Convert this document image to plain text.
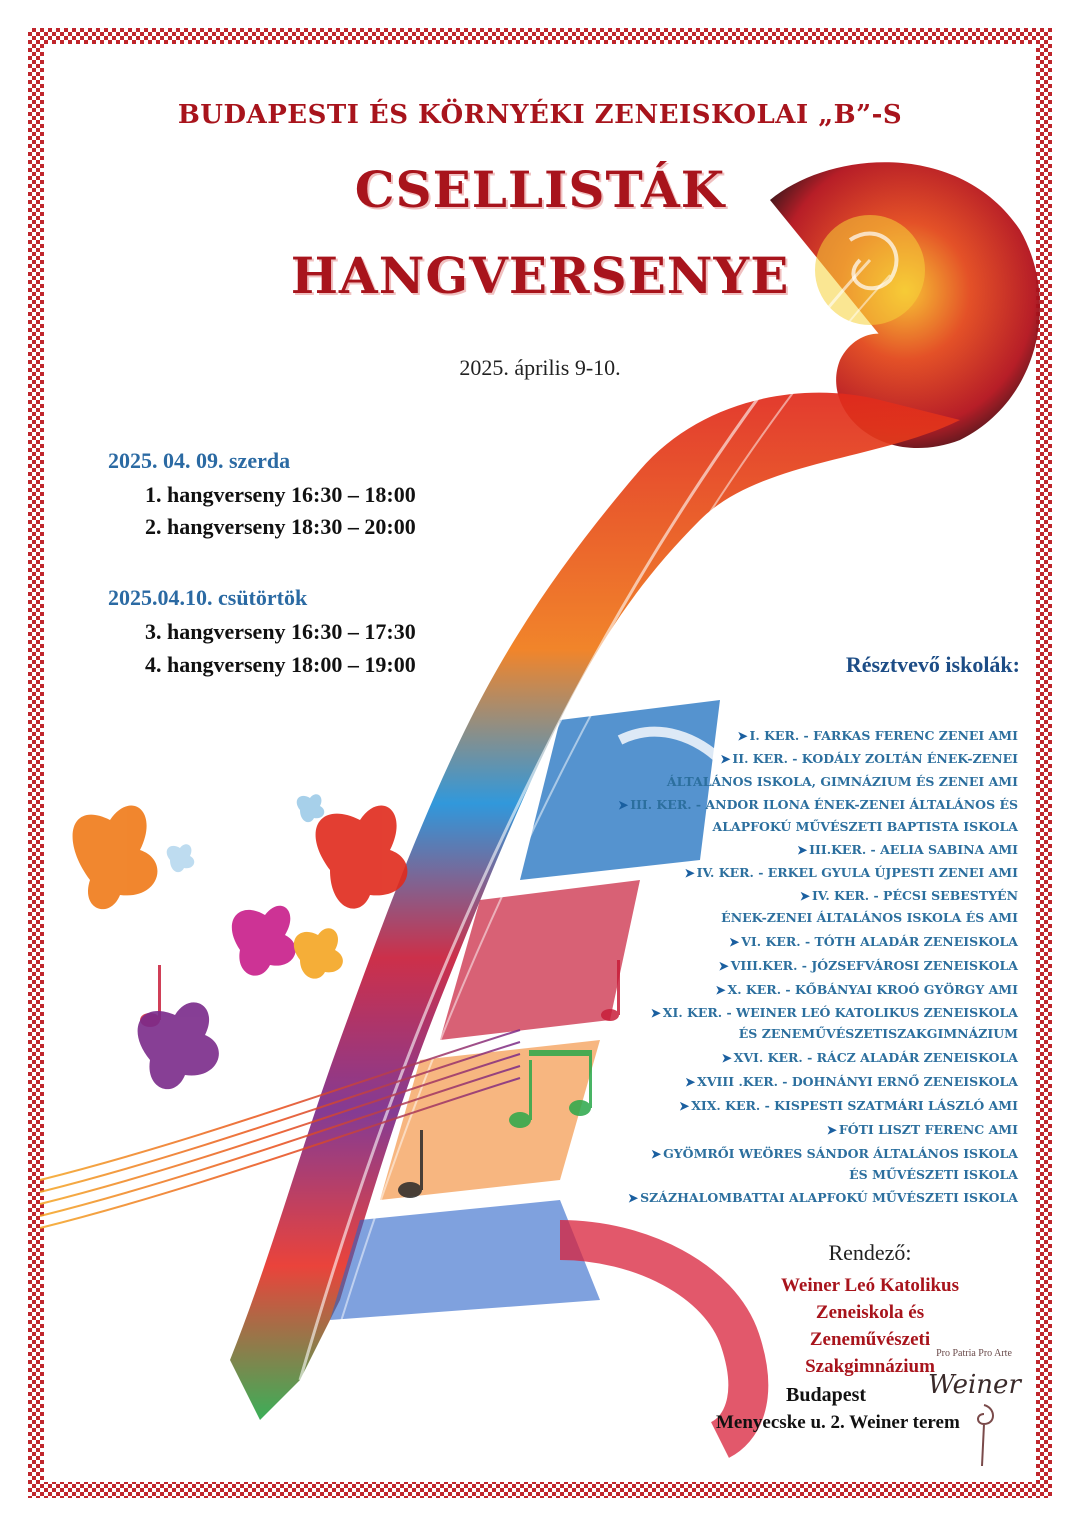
BUDAPESTI ÉS KÖRNYÉKI ZENEISKOLAI „B”-S
CSELLISTÁK
HANGVERSENYE
2025. április 9-10.
2025. 04. 09. szerda
1. hangverseny 16:30 – 18:00
2. hangverseny 18:30 – 20:00
2025.04.10. csütörtök
3. hangverseny 16:30 – 17:30
4. hangverseny 18:00 – 19:00	Résztvevő iskolák:
➤ I. KER. - FARKAS FERENC ZENEI AMI
➤ II. KER. - KODÁLY ZOLTÁN ÉNEK-ZENEI
ÁLTALÁNOS ISKOLA, GIMNÁZIUM ÉS ZENEI AMI
➤ III. KER. - ANDOR ILONA ÉNEK-ZENEI ÁLTALÁNOS ÉS
ALAPFOKÚ MŰVÉSZETI BAPTISTA ISKOLA
➤ III.KER. - AELIA SABINA AMI
➤ IV. KER. - ERKEL GYULA ÚJPESTI ZENEI AMI
➤ IV. KER. - PÉCSI SEBESTYÉN
ÉNEK-ZENEI ÁLTALÁNOS ISKOLA ÉS AMI
➤ VI. KER. - TÓTH ALADÁR ZENEISKOLA
➤ VIII.KER. - JÓZSEFVÁROSI ZENEISKOLA
➤ X. KER. - KŐBÁNYAI KROÓ GYÖRGY AMI
➤ XI. KER. - WEINER LEÓ KATOLIKUS ZENEISKOLA
ÉS ZENEMŰVÉSZETISZAKGIMNÁZIUM
➤ XVI. KER. - RÁCZ ALADÁR ZENEISKOLA
➤ XVIII .KER. - DOHNÁNYI ERNŐ ZENEISKOLA
➤ XIX. KER. - KISPESTI SZATMÁRI LÁSZLÓ AMI
➤ FÓTI LISZT FERENC AMI
➤ GYÖMRŐI WEÖRES SÁNDOR ÁLTALÁNOS ISKOLA
ÉS MŰVÉSZETI ISKOLA
➤ SZÁZHALOMBATTAI ALAPFOKÚ MŰVÉSZETI ISKOLA
Rendező:
Weiner Leó Katolikus
Zeneiskola és
Zeneművészeti
Szakgimnázium
Budapest
Menyecske u. 2. Weiner terem
Pro Patria Pro Arte
Weiner
